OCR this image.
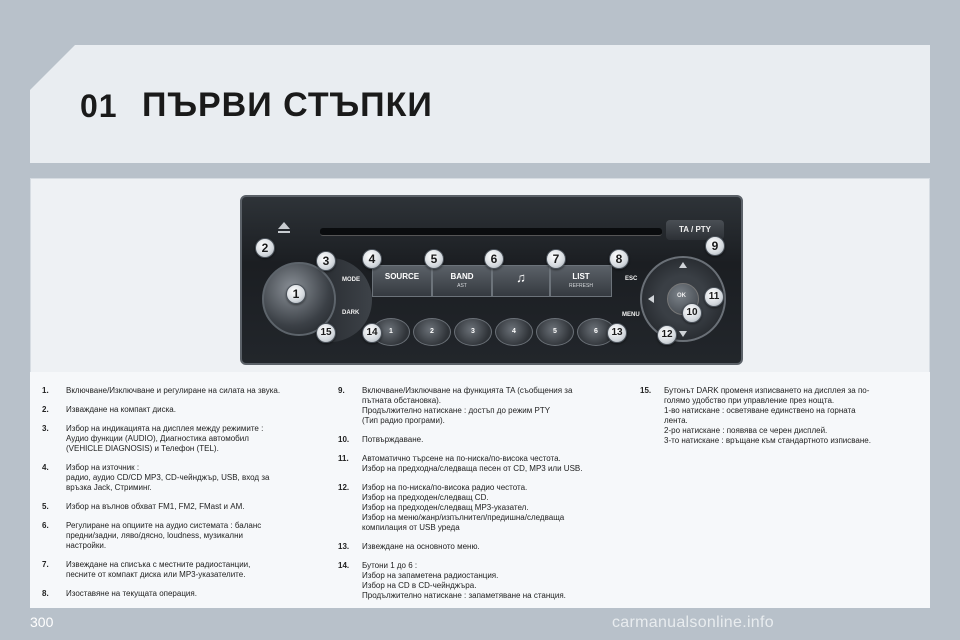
01 ПЪРВИ СТЪПКИ
TA / PTY
MODE
DARK
SOURCE	BAND
AST
♫	LIST
REFRESH
ESC
MENU
1	2	3	4	5	6
OK
1
2
3	4	5	6	7	8
9
10
11
12
13
14
15
1.	Включване/Изключване и регулиране на силата на звука.
2.	Изваждане на компакт диска.
3.	Избор на индикацията на дисплея между режимите :
Аудио функции (AUDIO), Диагностика автомобил
(VEHICLE DIAGNOSIS) и Телефон (TEL).
4.	Избор на източник :
радио, аудио CD/CD MP3, CD-чейнджър, USB, вход за
връзка Jack, Стриминг.
5.	Избор на вълнов обхват FM1, FM2, FMast и AM.
6.	Регулиране на опциите на аудио системата : баланс
предни/задни, ляво/дясно, loudness, музикални
настройки.
7.	Извеждане на списъка с местните радиостанции,
песните от компакт диска или MP3-указателите.
8.	Изоставяне на текущата операция.
9.	Включване/Изключване на функцията TA (съобщения за
пътната обстановка).
Продължително натискане : достъп до режим PTY
(Тип радио програми).
10.	Потвърждаване.
11.	Автоматично търсене на по-ниска/по-висока честота.
Избор на предходна/следваща песен от CD, MP3 или USB.
12.	Избор на по-ниска/по-висока радио честота.
Избор на предходен/следващ CD.
Избор на предходен/следващ MP3-указател.
Избор на меню/жанр/изпълнител/предишна/следваща
компилация от USB уреда
13.	Извеждане на основното меню.
14.	Бутони 1 до 6 :
Избор на запаметена радиостанция.
Избор на CD в CD-чейнджъра.
Продължително натискане : запаметяване на станция.
15.	Бутонът DARK променя изписването на дисплея за по-
голямо удобство при управление през нощта.
1-во натискане : осветяване единствено на горната
лента.
2-ро натискане : появява се черен дисплей.
3-то натискане : връщане към стандартното изписване.
300	carmanualsonline.info
